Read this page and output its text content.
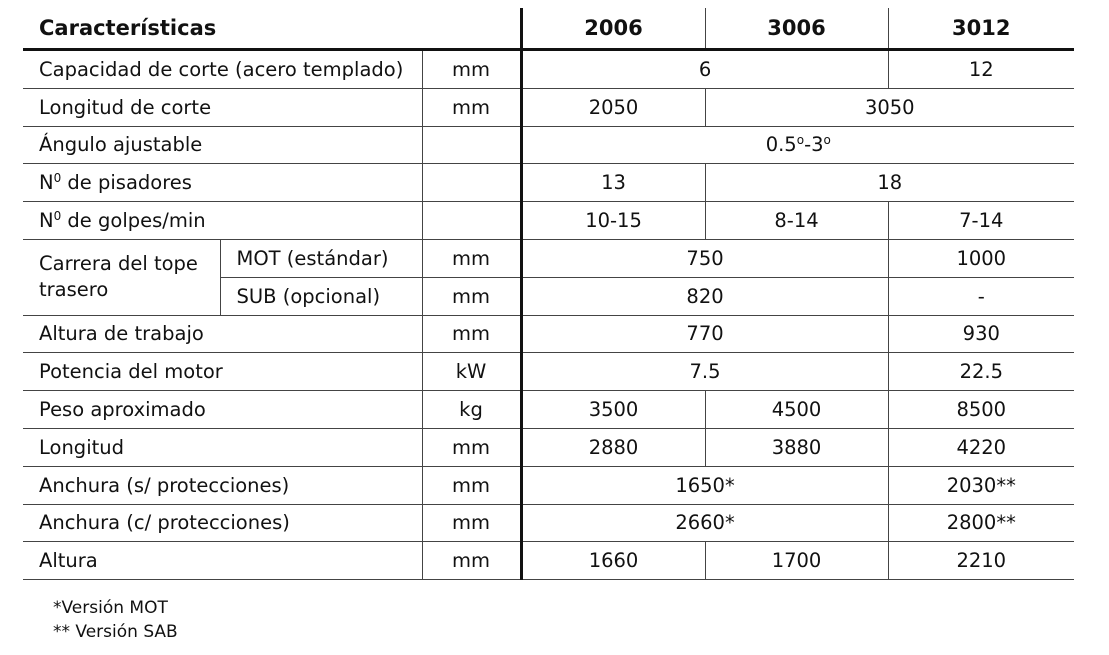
Características			2006	3006	3012
Capacidad de corte (acero templado)		mm	6		12
Longitud de corte		mm	2050	3050	
Ángulo ajustable			0.5$^o$-3$^o$
$N^0$ de pisadores			13	18	
$N^0$ de golpes/min			10-15	8-14	7-14
Carrera del tope trasero	MOT (estándar)	mm	750		1000
	SUB (opcional)	mm	820		-
Altura de trabajo		mm	770		930
Potencia del motor		kW	7.5		22.5
Peso aproximado		kg	3500	4500	8500
Longitud		mm	2880	3880	4220
Anchura (s/ protecciones)		mm	1650*		2030**
Anchura (c/ protecciones)		mm	2660*		2800**
Altura		mm	1660	1700	2210
*Versión MOT
** Versión SAB
